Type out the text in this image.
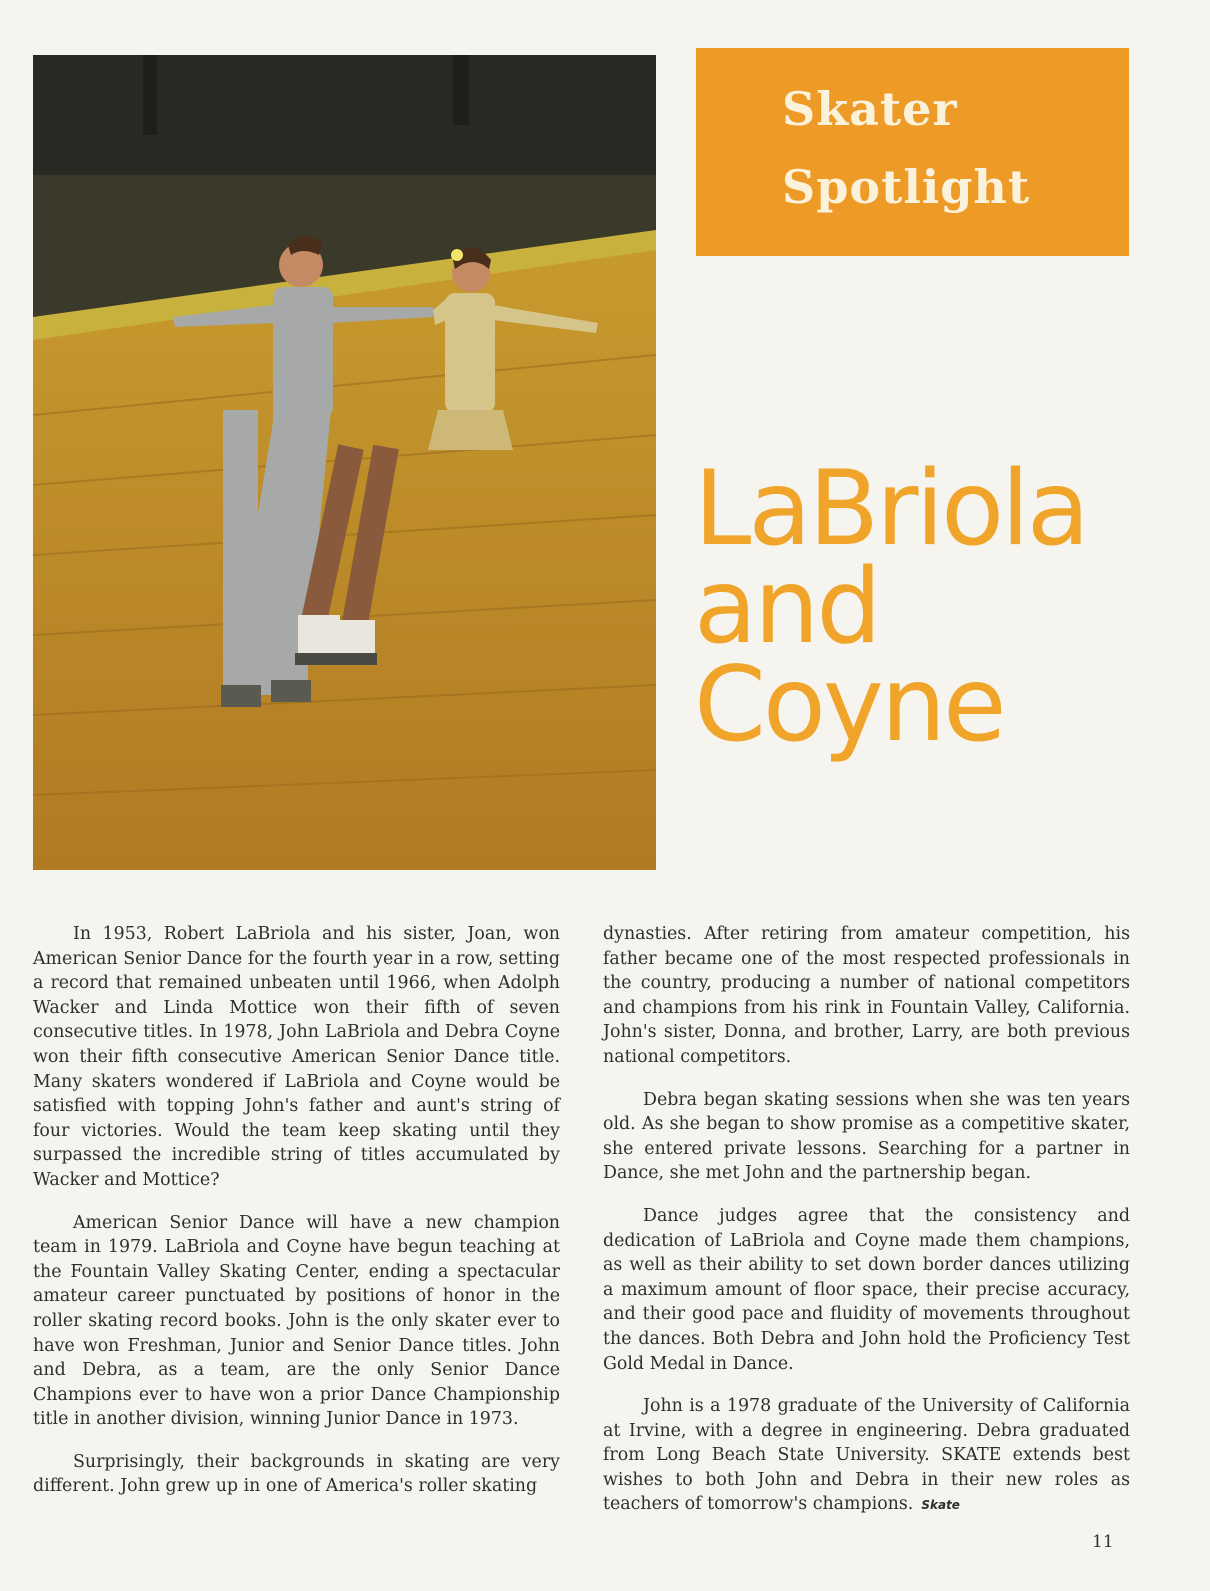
Skater
Spotlight
LaBriola
and
Coyne

In 1953, Robert LaBriola and his sister, Joan, won American Senior Dance for the fourth year in a row, setting a record that remained unbeaten until 1966, when Adolph Wacker and Linda Mottice won their fifth of seven consecutive titles. In 1978, John LaBriola and Debra Coyne won their fifth consecutive American Senior Dance title. Many skaters wondered if LaBriola and Coyne would be satisfied with topping John's father and aunt's string of four victories. Would the team keep skating until they surpassed the incredible string of titles accumulated by Wacker and Mottice?

American Senior Dance will have a new champion team in 1979. LaBriola and Coyne have begun teaching at the Fountain Valley Skating Center, ending a spectacular amateur career punctuated by positions of honor in the roller skating record books. John is the only skater ever to have won Freshman, Junior and Senior Dance titles. John and Debra, as a team, are the only Senior Dance Champions ever to have won a prior Dance Championship title in another division, winning Junior Dance in 1973.

Surprisingly, their backgrounds in skating are very different. John grew up in one of America's roller skating

dynasties. After retiring from amateur competition, his father became one of the most respected professionals in the country, producing a number of national competitors and champions from his rink in Fountain Valley, California. John's sister, Donna, and brother, Larry, are both previous national competitors.

Debra began skating sessions when she was ten years old. As she began to show promise as a competitive skater, she entered private lessons. Searching for a partner in Dance, she met John and the partnership began.

Dance judges agree that the consistency and dedication of LaBriola and Coyne made them champions, as well as their ability to set down border dances utilizing a maximum amount of floor space, their precise accuracy, and their good pace and fluidity of movements throughout the dances. Both Debra and John hold the Proficiency Test Gold Medal in Dance.

John is a 1978 graduate of the University of California at Irvine, with a degree in engineering. Debra graduated from Long Beach State University. SKATE extends best wishes to both John and Debra in their new roles as teachers of tomorrow's champions. Skate

11
